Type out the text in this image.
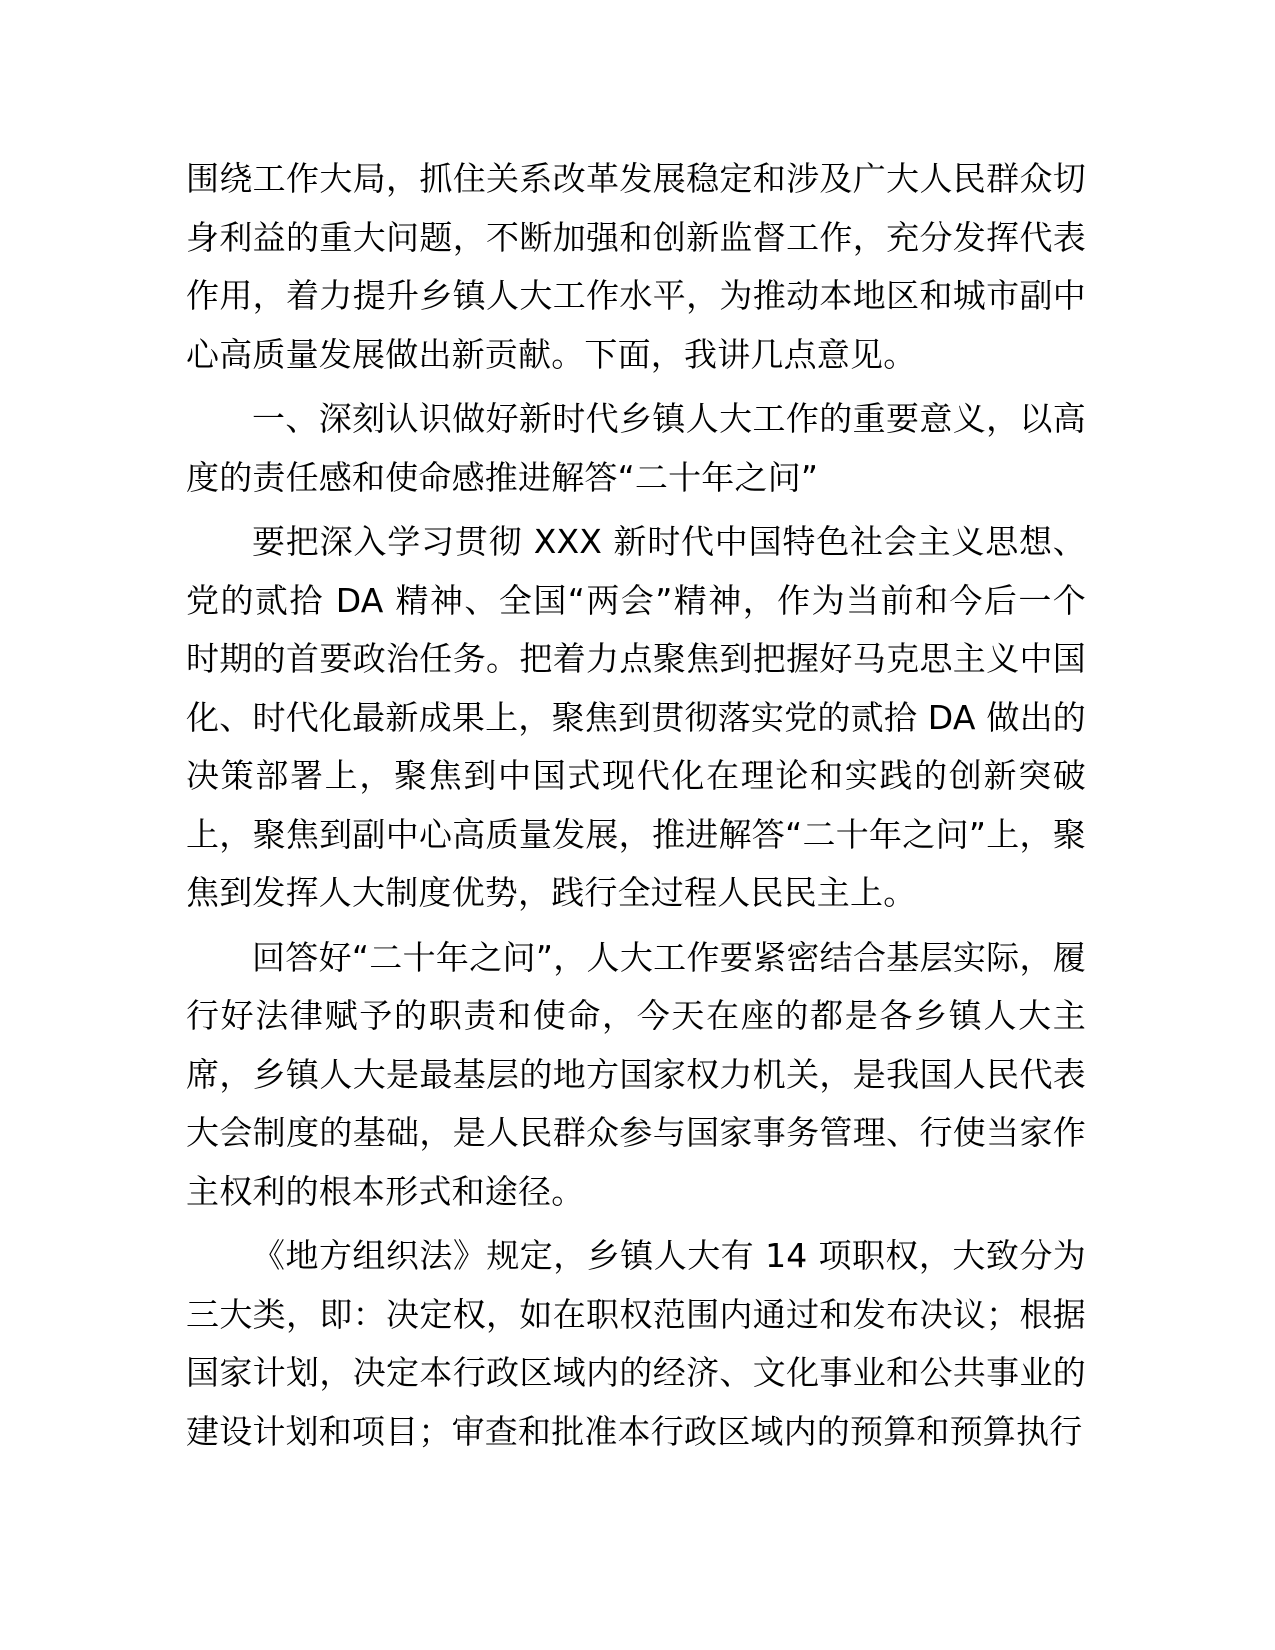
围绕工作大局，抓住关系改革发展稳定和涉及广大人民群众切身利益的重大问题，不断加强和创新监督工作，充分发挥代表作用，着力提升乡镇人大工作水平，为推动本地区和城市副中心高质量发展做出新贡献。下面，我讲几点意见。

一、深刻认识做好新时代乡镇人大工作的重要意义，以高度的责任感和使命感推进解答“二十年之问”

要把深入学习贯彻 XXX 新时代中国特色社会主义思想、党的贰拾 DA 精神、全国“两会”精神，作为当前和今后一个时期的首要政治任务。把着力点聚焦到把握好马克思主义中国化、时代化最新成果上，聚焦到贯彻落实党的贰拾 DA 做出的决策部署上，聚焦到中国式现代化在理论和实践的创新突破上，聚焦到副中心高质量发展，推进解答“二十年之问”上，聚焦到发挥人大制度优势，践行全过程人民民主上。

回答好“二十年之问”，人大工作要紧密结合基层实际，履行好法律赋予的职责和使命，今天在座的都是各乡镇人大主席，乡镇人大是最基层的地方国家权力机关，是我国人民代表大会制度的基础，是人民群众参与国家事务管理、行使当家作主权利的根本形式和途径。

《地方组织法》规定，乡镇人大有 14 项职权，大致分为三大类，即：决定权，如在职权范围内通过和发布决议；根据国家计划，决定本行政区域内的经济、文化事业和公共事业的建设计划和项目；审查和批准本行政区域内的预算和预算执行
